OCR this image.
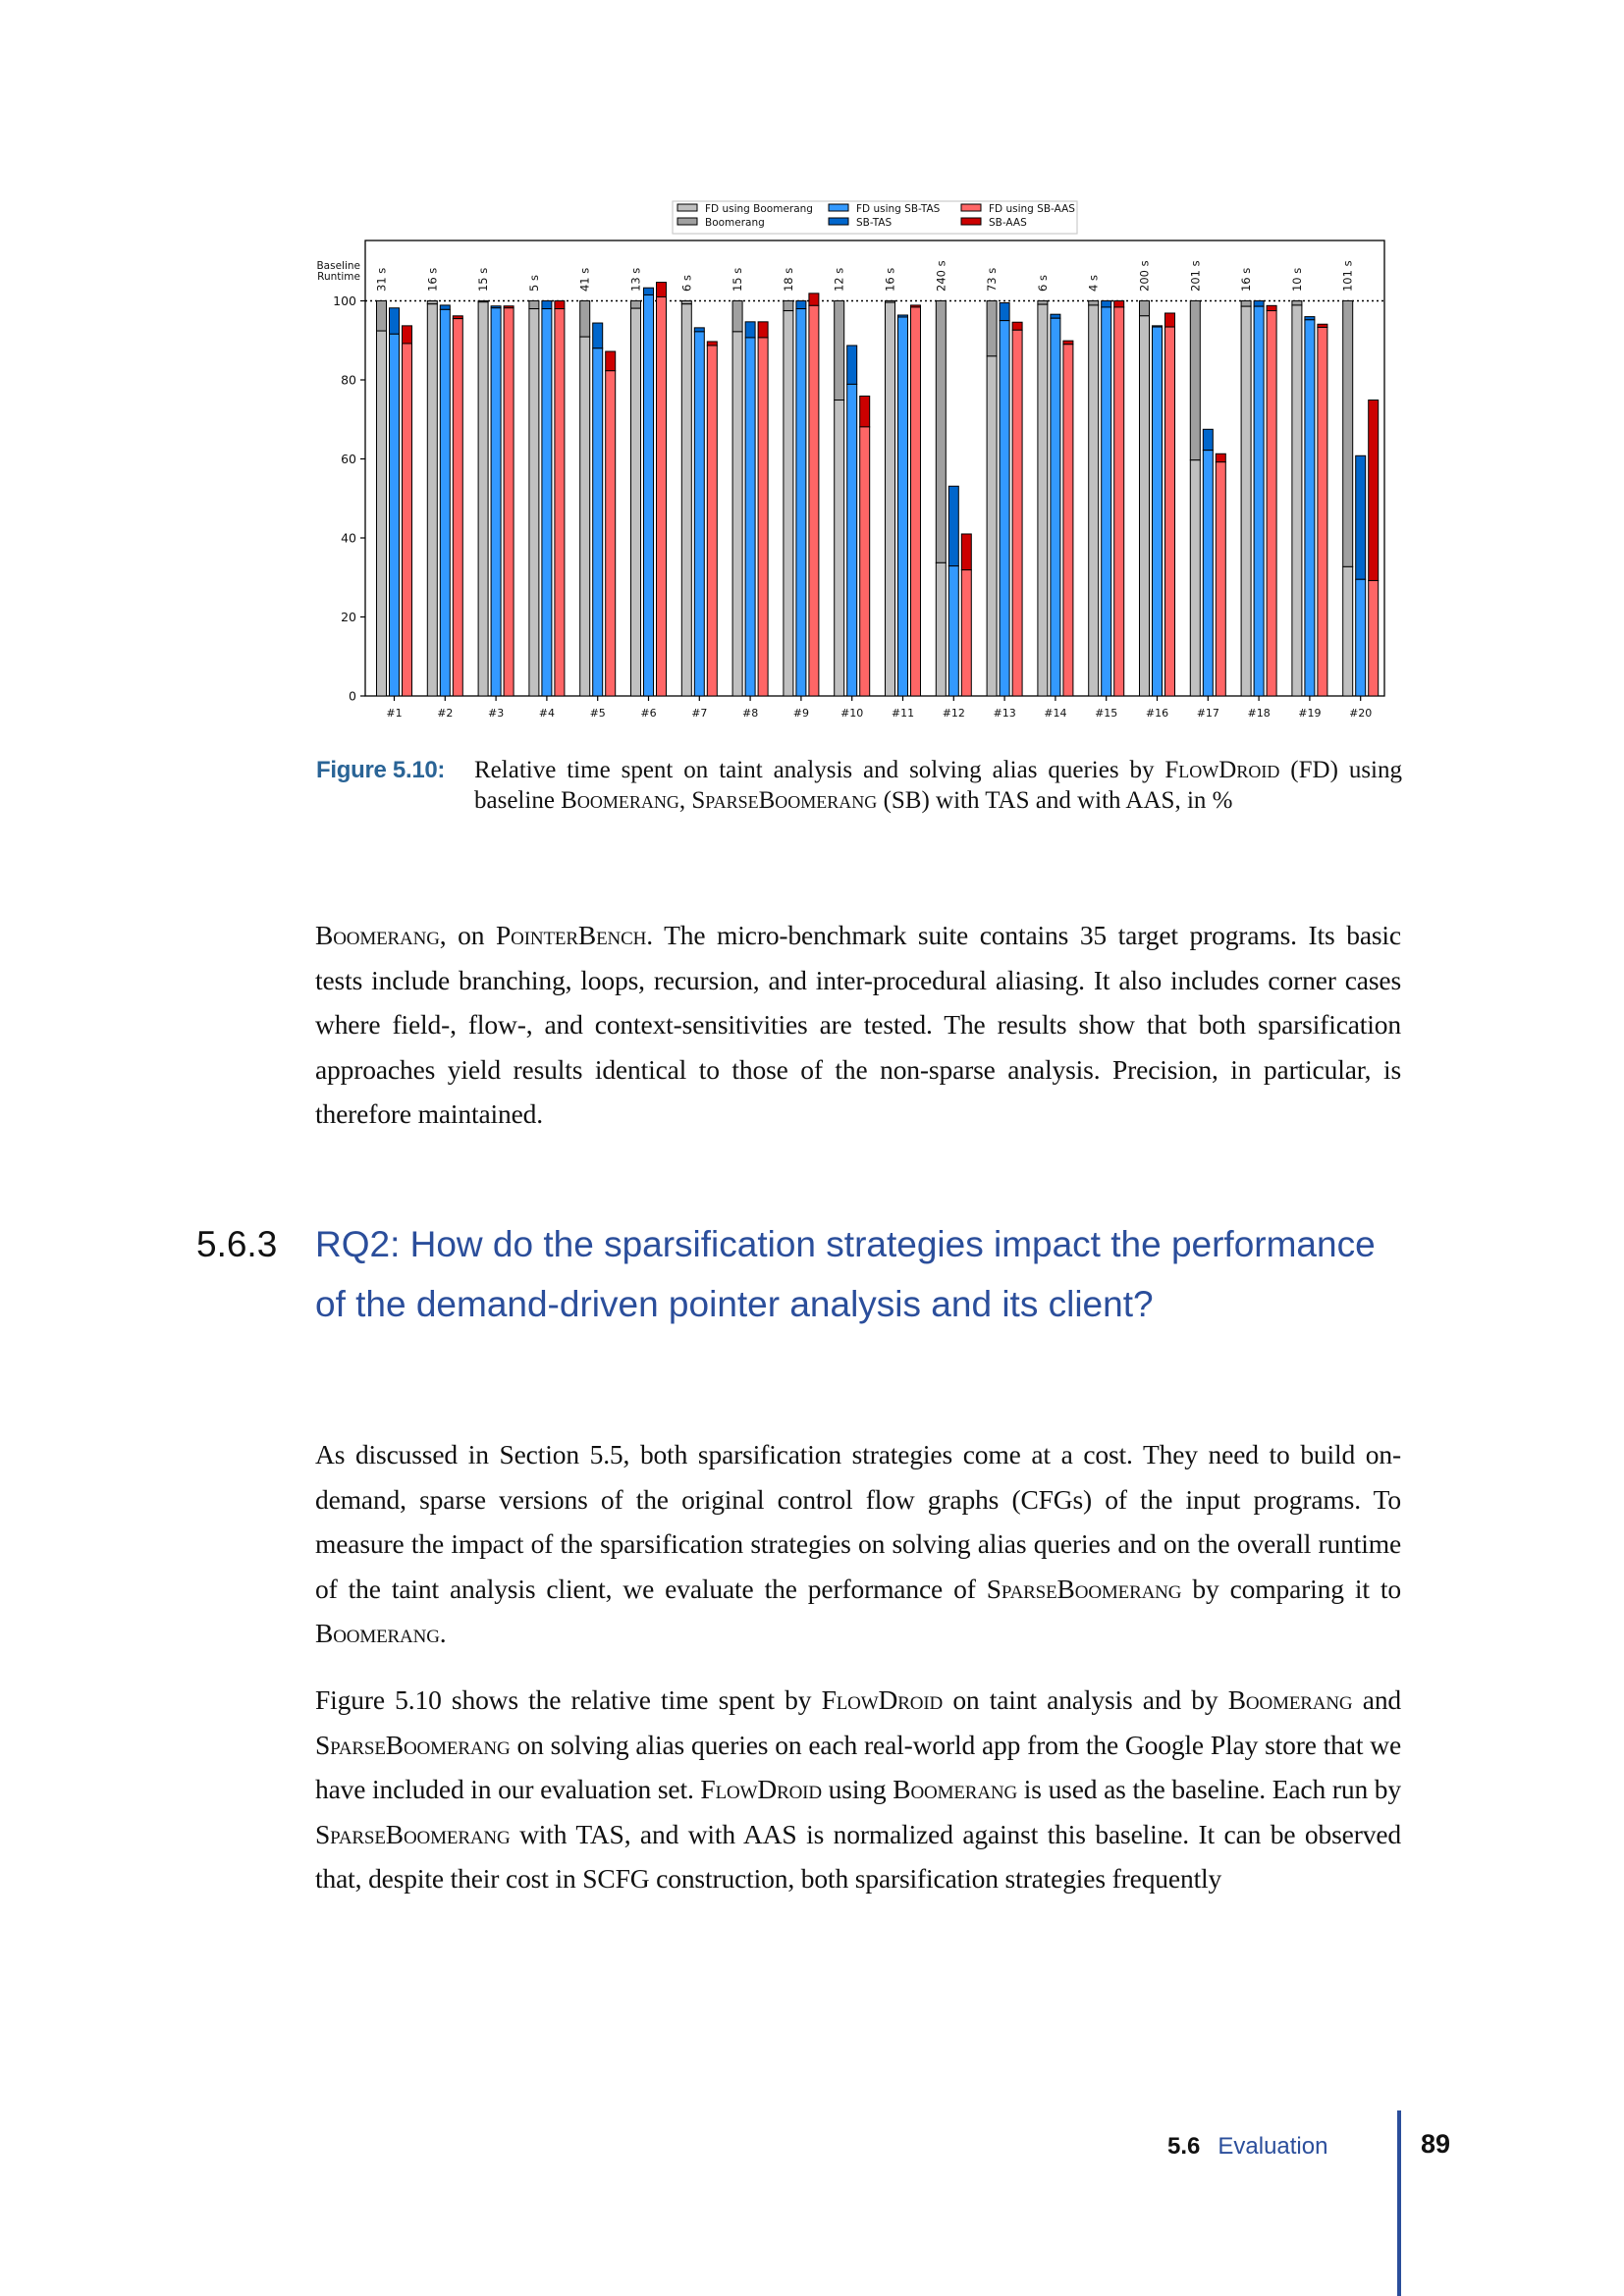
FD using Boomerang
Boomerang
FD using SB-TAS
SB-TAS
FD using SB-AAS
SB-AAS
0
20
40
60
80
100
Baseline
Runtime
#1
31 s
#2
16 s
#3
15 s
#4
5 s
#5
41 s
#6
13 s
#7
6 s
#8
15 s
#9
18 s
#10
12 s
#11
16 s
#12
240 s
#13
73 s
#14
6 s
#15
4 s
#16
200 s
#17
201 s
#18
16 s
#19
10 s
#20
101 s
Figure 5.10: Relative time spent on taint analysis and solving alias queries by FlowDroid (FD) using baseline Boomerang, SparseBoomerang (SB) with TAS and with AAS, in %
Boomerang, on PointerBench. The micro-benchmark suite contains 35 target programs. Its basic tests include branching, loops, recursion, and inter-procedural aliasing. It also includes corner cases where field-, flow-, and context-sensitivities are tested. The results show that both sparsification approaches yield results identical to those of the non-sparse analysis. Precision, in particular, is therefore maintained.
5.6.3 RQ2: How do the sparsification strategies impact the performance of the demand-driven pointer analysis and its client?
As discussed in Section 5.5, both sparsification strategies come at a cost. They need to build on-demand, sparse versions of the original control flow graphs (CFGs) of the input programs. To measure the impact of the sparsification strategies on solving alias queries and on the overall runtime of the taint analysis client, we evaluate the performance of SparseBoomerang by comparing it to Boomerang.
Figure 5.10 shows the relative time spent by FlowDroid on taint analysis and by Boomerang and SparseBoomerang on solving alias queries on each real-world app from the Google Play store that we have included in our evaluation set. FlowDroid using Boomerang is used as the baseline. Each run by SparseBoomerang with TAS, and with AAS is normalized against this baseline. It can be observed that, despite their cost in SCFG construction, both sparsification strategies frequently
5.6 Evaluation	89
